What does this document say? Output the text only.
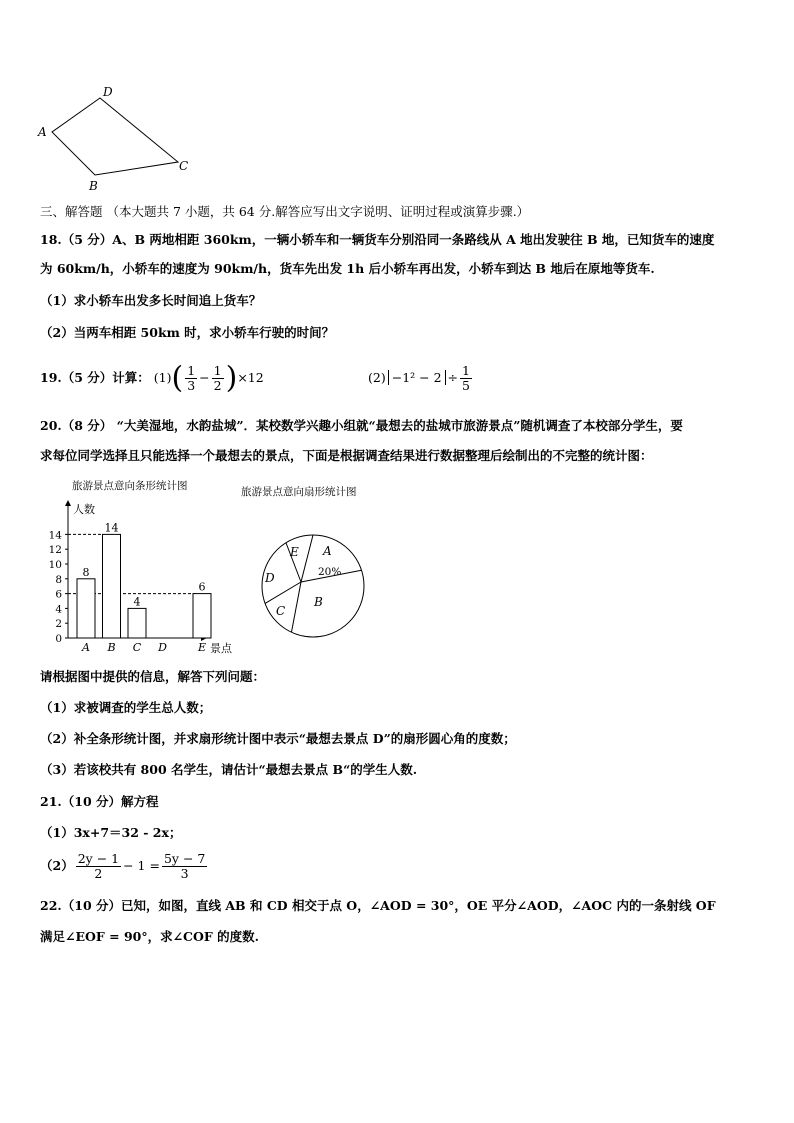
D
A
B
C
三、解答题 （本大题共 7 小题，共 64 分.解答应写出文字说明、证明过程或演算步骤.）
18.（5 分）A、B 两地相距 360km，一辆小轿车和一辆货车分别沿同一条路线从 A 地出发驶往 B 地，已知货车的速度
为 60km/h，小轿车的速度为 90km/h，货车先出发 1h 后小轿车再出发，小轿车到达 B 地后在原地等货车.
（1）求小轿车出发多长时间追上货车？
（2）当两车相距 50km 时，求小轿车行驶的时间？
19.（5 分）计算： $(1)( \frac{1}{3} - \frac{1}{2} )\times 12$	$(2) -1^2 - 2 \div \frac{1}{5}$
20.（8 分） “大美湿地，水韵盐城”．某校数学兴趣小组就“最想去的盐城市旅游景点”随机调查了本校部分学生，要
求每位同学选择且只能选择一个最想去的景点，下面是根据调查结果进行数据整理后绘制出的不完整的统计图：
旅游景点意向条形统计图
人数
景点
0
2
4
6
8
10
12
14
8
A
14
B
4
C D
6
E
旅游景点意向扇形统计图
A
B
C
D
E
20%
请根据图中提供的信息，解答下列问题：
（1）求被调查的学生总人数；
（2）补全条形统计图，并求扇形统计图中表示“最想去景点 D”的扇形圆心角的度数；
（3）若该校共有 800 名学生，请估计“最想去景点 B“的学生人数.
21.（10 分）解方程
（1）3x+7＝32 - 2x；
$(2) \frac{2y - 1}{2} - 1 = \frac{5y - 7}{3}$
22.（10 分）已知，如图，直线 AB 和 CD 相交于点 O，∠AOD = 30°，OE 平分∠AOD，∠AOC 内的一条射线 OF
满足∠EOF = 90°，求∠COF 的度数.
